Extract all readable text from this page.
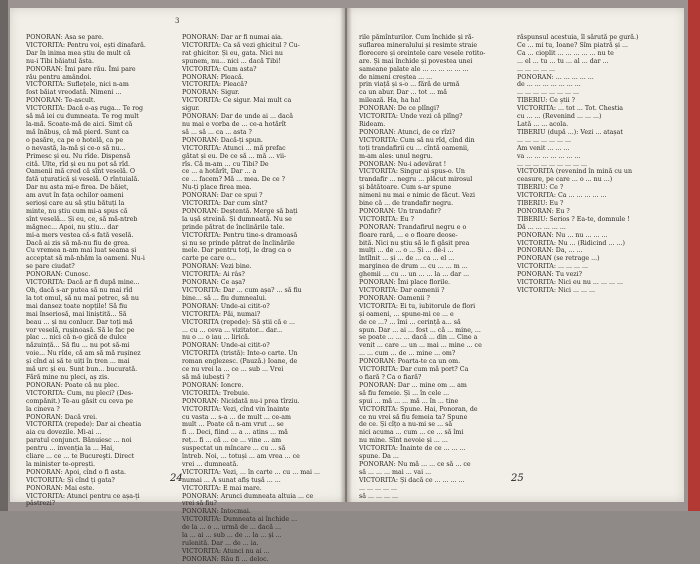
3
PONORAN: Asa se pare.
VICTORITA: Pentru voi, ești dinafară.
Dar în inima mea știu de mult că
nu-i Tibi băiatul ăsta.
PONORAN: Îmi pare rău. Îmi pare
rău pentru amândoi.
VICTORITA: Suflețele, nici n-am
fost băiat vreodată. Nimeni ...
PONORAN: Te-ascult.
VICTORITA: Dacă e-aș ruga... Te rog
să mă iei cu dumneata. Te rog mult
la-mă. Scoate-mă de aici. Simt că
mă înăbuș, că mă pierd. Sunt ca
o pasăre, ca pe o hotelă, ca pe
o nevastă, la-mă și ce-o să nu...
Primesc și eu. Nu rîde. Dispensă
cită. Ulte, rîd și eu nu pot să rîd.
Oamenii mă cred că sînt veselă. O
fată uțuratică și veselă. O rîntuială.
Dar nu asta mi-e firea. De băiet,
am avut în fața ochilor oameni
serioși care au să știu bătuți la
minte, nu știu cum mi-a spus că
sînt veselă... Și eu, ce, să mă-ntreb
măgnec... Apoi, nu știu... dar
mi-a mers vestea că-s fată veselă.
Dacă ai zis să mă-nu fiu de grea.
Cu vremea n-am mai luat seama și
acceptat să mă-nhăm la oameni. Nu-i
se pare ciudat?
PONORAN: Cunosc.
VICTORITA: Dacă ar fi după mine...
Oh, dacă s-ar putea să nu mai rîd
la tot omul, să nu mai petrec, să nu
mai dansez toate nopțile! Să fiu
mai înseriosă, mai liniștită... Să
beau ... și nu conlucr. Dar toți mă
vor veselă, rușinoasă. Să le fac pe
plac ... nici că n-o gică de dulce
năzuință... Să fiu ... nu pot să-mi
voie... Nu rîde, că am să mă rușinez
și cînd ai să te uiți în tren ... mai
mă urc și eu. Sunt bun... bucurată.
Fără mine nu pleci, aș zis.
PONORAN: Poate că nu plec.
VICTORITA: Cum, nu pleci? (Des-
compănit.) Te-au găsit cu ceva pe
la cineva ?
PONORAN: Dacă vrei.
VICTORITA (repede): Dar ai cheatia
aia cu dovezile. Mi-ai ...
paratul conjunct. Bănuiesc ... noi
pentru ... invenția la ... Hai,
cliare ... ce ... te Bucureşti. Direct
la minister te-oprești.
PONORAN: Apoi, cînd o fi asta.
VICTORITA: Și cînd ți gata?
PONORAN: Mai este.
VICTORITA: Atunci pentru ce așa-ți
păstrezi?
PONORAN: Dar ar fi numai aia.
VICTORITA: Ca să vezi ghicitul ? Cu-
rat ghicitor. Și eu, gata. Nici nu
spunem, nu... nici ... dacă Tibi!
VICTORITA: Cum asta?
PONORAN: Pleacă.
VICTORITA: Pleacă?
PONORAN: Sigur.
VICTORITA: Ce sigur. Mai mult ca
sigur.
PONORAN: Dar de unde ai ... dacă
nu mai e vorba de ... ce-a hotărît
să ... să ... ca ... asta ?
PONORAN: Dacă-ți spun.
VICTORITA: Atunci ... mă prefac
gătat și eu. De ce să ... mă ... vii-
rîs. Că m-am ... cu Tibi? De
ce ... a hotărît, Dar ... a
ce ... facem? Mă ... mea. De ce ?
Nu-ți place firea mea.
PONORAN: Dar ce spui ?
VICTORITA: Dar cum sînt?
PONORAN: Deștentă. Merge să bați
la ușă streină. Și dumneată. Nu se
prinde pătrat de înclinările tale.
VICTORITA: Pentru tine-s dramoasă
și nu se prinde pătrat de înclinările
mele. Dar pentru toți, le drag ca o
carte pe care o...
PONORAN: Vezi bine.
VICTORITA: Ai râs?
PONORAN: Ce așa?
VICTORITA: Dar ... cum așa? ... să fiu
bine... să ... fiu dumnealui.
PONORAN: Unde-ai citit-o?
VICTORITA: Păi, numai?
VICTORITA (repede): Să știi că e ...
... cu ... ceva ... vizitator... dar...
nu o ... o iau ... lirică.
PONORAN: Unde-ai citit-o?
VICTORITA (tristă): Inte-o carte. Un
roman englezesc. (Pauză.) Ioane, de
ce nu vrei la ... ce ... sub ... Vrei
să mă iubești ?
PONORAN: Ioncre.
VICTORITA: Trebuie.
PONORAN: Nicidată nu-i prea tîrziu.
VICTORITA: Vezi, cînd vin înainte
cu vasta ... s-a ... de mult ... ce-am
mult ... Poate că n-am vrut ... se
fi ... Deci, fiind ... a ... atins ... mă
reț... fi ... că ... ce ... vine ... am
suspectat un mîncare ... cu ... să
întreb. Noi, ... totuși ... am vrea ... ce
vrei ... dumneată.
VICTORITA: Vezi, ... în carte ... cu ... mai ...
numai ... A sunat afiș tușă ... ...
VICTORITA: E mai mare.
PONORAN: Arunci dumneata altuia ... ce
vrei să fiu?
PONORAN: Intocmai.
VICTORITA: Dumneata ai închide ...
de la ... o ... urmă de ... dacă ...
la ... ai ... sub ... de ... la ... și ...
rulenită. Dar ... de ... ia.
VICTORITA: Atunci nu ai ...
PONORAN: Rău fi ... deloc.
24
rile pămînturilor. Cum închide și ră-
suflarea mineralului și resimte straie
florecere și oreintele care vesele rotito-
are. Și mai închide și povestea unei
sameane palate ale ... ... ... ... ... ...
de nimeni creștea ... ...
prin viață și s-o ... fără de urmă
ca un abur. Dar ... tot ... mă
milează. Ha, ha ha!
PONORAN: De ce plîngi?
VICTORITA: Unde vezi că plîng?
Rideam.
PONORAN: Atunci, de ce rîzi?
VICTORITA: Cum să nu rîd, cînd din
toți trandafirii cu ... cîntă oamenii,
m-am ales: unul negru.
PONORAN: Nu-i adevărat !
VICTORITA: Singur ai spus-o. Un
trandafir ... negru ... plăcut mirosul
și bătătoare. Cum s-ar spune
nimeni nu mai e nimic de făcut. Vezi
bine că ... de trandafir negru.
PONORAN: Un trandafir?
VICTORITA: Eu ?
PONORAN: Trandafirul negru e o
floare rară, ... e o floare deose-
bită. Nici nu știu să le fi găsit prea
mulți ... de ... o ... Și ... de-i ...
întîlnit ... și ... de ... ca ... el ...
marginea de drum ... cu ... ... m ...
ghemii ... cu ... un ... ... la ... dar ...
PONORAN: Îmi place florile.
VICTORITA: Dar oamenii ?
PONORAN: Oamenii ?
VICTORITA: Ei tu, iubitorule de flori
și oameni, ... spune-mi ce ... e
de ce ...? ... îmi ... cerință a... să
spun. Dar ... ai ... fost ... că ... mine, ...
se poate ... ... ... dacă ... din ... Cine a
venit ... care ... un ... mai ... mine ... ce
... ... cum ... de ... mine ... om?
PONORAN: Poarta-te ca un om.
VICTORITA: Dar cum mă port? Ca
o fiară ? Ca o fiară?
PONORAN: Dar ... mine om ... am
să fiu femeie. Și ... în cele ...
spui ... mă ... ... mă ... în ... tine
VICTORITA: Spune. Hai, Ponoran, de
ce nu vrei să fiu femeia ta? Spune
de ce. Și cîțo a nu-mi se ... să
nici acuma ... cum ... ce ... să îmi
nu mine. Sînt nevoie și ... ...
VICTORITA: Înainte de ce ... ... ...
spune. Da ...
PONORAN: Nu mă ... ... ce să ... ce
să ... ... ... mai ... vai ...
VICTORITA: Și dacă ce ... ... ... ...
... ... ... ... ...
să ... ... ... ...
răspunsul acestuia, îl sărută pe gură.)
Ce ... mi tu, Ioane? Sîm piatră și ...
Ca ... cioplit ... ... ... ... ... nu te
... el ... tu ... tu ... al ... dar ...
... ... ... ... ...
PONORAN: ... ... ... ... ...
de ... ... ... ... ... ... ...
... ... ... ... ... ... ... ...
TIBERIU: Ce știi ?
VICTORITA: ... tot ... Tot. Chestia
cu ... ... (Revenind ... ... ...)
Lată ... ... acola.
TIBERIU (după ...): Vezi ... atașat
... ... ... ... ... ... ...
Am venit ... ... ...
va ... ... ... ... ... ... ...
... ... ... ... ... ... ... ... ...
VICTORITA (revenind în mină cu un
ceasure, pe care ... o ... nu ...)
TIBERIU: Ce ?
VICTORITA: Ca ... ... ... ... ...
TIBERIU: Eu ?
PONORAN: Eu ?
TIBERIU: Serios ? Ea-te, domnule !
Dă ... ... ... ... ...
PONORAN: Nu ... nu ... ... ...
VICTORITA: Nu ... (Ridicind ... ...)
PONORAN: Da, ... ...
PONORAN (se retrage ...)
VICTORITA: ... ... ... ...
PONORAN: Tu vezi?
VICTORITA: Nici eu nu ... ... ... ...
VICTORITA: Nici ... ... ...
25
